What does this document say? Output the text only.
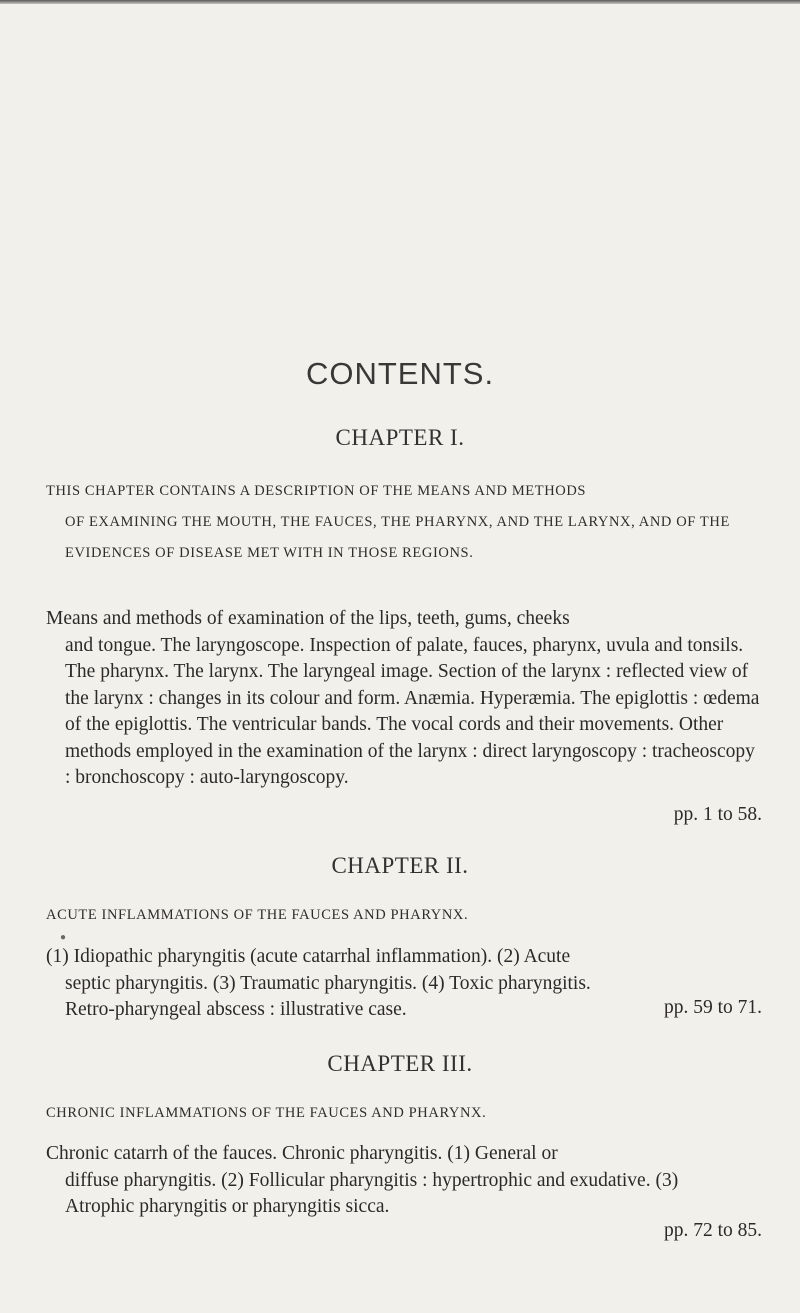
CONTENTS.
CHAPTER I.
THIS CHAPTER CONTAINS A DESCRIPTION OF THE MEANS AND METHODS
OF EXAMINING THE MOUTH, THE FAUCES, THE PHARYNX, AND THE LARYNX, AND OF THE EVIDENCES OF DISEASE MET WITH IN THOSE REGIONS.
Means and methods of examination of the lips, teeth, gums, cheeks
and tongue. The laryngoscope. Inspection of palate, fauces, pharynx, uvula and tonsils. The pharynx. The larynx. The laryngeal image. Section of the larynx : reflected view of the larynx : changes in its colour and form. Anæmia. Hyperæmia. The epiglottis : œdema of the epiglottis. The ventricular bands. The vocal cords and their movements. Other methods employed in the examination of the larynx : direct laryngoscopy : tracheoscopy : bronchoscopy : auto-laryngoscopy.
pp. 1 to 58.
CHAPTER II.
ACUTE INFLAMMATIONS OF THE FAUCES AND PHARYNX.
●
(1) Idiopathic pharyngitis (acute catarrhal inflammation). (2) Acute
septic pharyngitis. (3) Traumatic pharyngitis. (4) Toxic pharyngitis. Retro-pharyngeal abscess : illustrative case.	pp. 59 to 71.
CHAPTER III.
CHRONIC INFLAMMATIONS OF THE FAUCES AND PHARYNX.
Chronic catarrh of the fauces. Chronic pharyngitis. (1) General or
diffuse pharyngitis. (2) Follicular pharyngitis : hypertrophic and exudative. (3) Atrophic pharyngitis or pharyngitis sicca.
pp. 72 to 85.
